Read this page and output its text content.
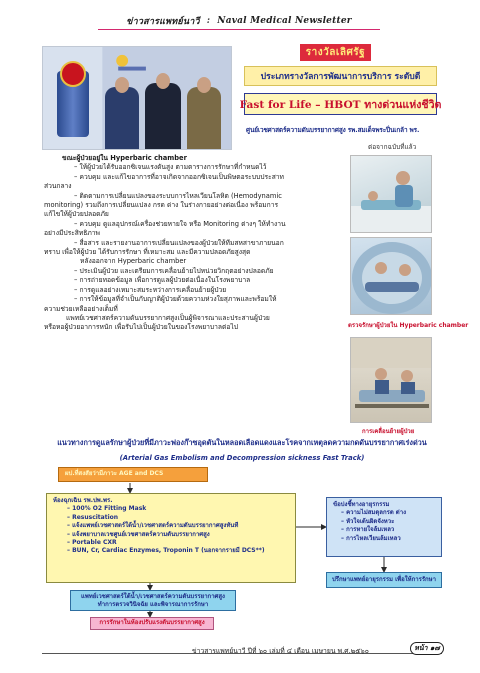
ข่าวสารแพทย์นาวี : Naval Medical Newsletter
รางวัลเลิศรัฐ
ประเภทรางวัลการพัฒนาการบริการ ระดับดี
Fast for Life – HBOT ทางด่วนแห่งชีวิต
ศูนย์เวชศาสตร์ความดันบรรยากาศสูง รพ.สมเด็จพระปิ่นเกล้า พร.
ต่อจากฉบับที่แล้ว
ตรวจรักษาผู้ป่วยใน Hyperbaric chamber
การเคลื่อนย้ายผู้ป่วย

ขณะผู้ป่วยอยู่ใน Hyperbaric chamber

– ให้ผู้ป่วยได้รับออกซิเจนแรงดันสูง ตามตารางการรักษาที่กำหนดไว้

– ควบคุม และแก้ไขอาการที่อาจเกิดจากออกซิเจนเป็นพิษตอระบบประสาท

ส่วนกลาง

– ติดตามการเปลี่ยนแปลงของระบบการไหลเวียนโลหิต (Hemodynamic

monitoring) รวมถึงการเปลี่ยนแปลง กรด ด่าง ในร่างกายอย่างต่อเนื่อง พร้อมการ

แก้ไขให้ผู้ป่วยปลอดภัย

– ควบคุม ดูแลอุปกรณ์เครื่องช่วยหายใจ หรือ Monitoring ต่างๆ ให้ทำงาน

อย่างมีประสิทธิภาพ

– สื่อสาร และรายงานอาการเปลี่ยนแปลงของผู้ป่วยให้ทีมสหสาขาภายนอก

ทราบ เพื่อให้ผู้ป่วย ได้รับการรักษา ที่เหมาะสม และมีความปลอดภัยสูงสุด

หลังออกจาก Hyperbaric chamber

– ประเมินผู้ป่วย และเตรียมการเคลื่อนย้ายไปหน่วยวิกฤตอย่างปลอดภัย

– การถ่ายทอดข้อมูล เพื่อการดูแลผู้ป่วยต่อเนื่องในโรงพยาบาล

– การดูแลอย่างเหมาะสมระหว่างการเคลื่อนย้ายผู้ป่วย

– การให้ข้อมูลที่จำเป็นกับญาติผู้ป่วยด้วยความห่วงใยสุภาพและพร้อมให้

ความช่วยเหลืออย่างเต็มที่

แพทย์เวชศาสตร์ความดันบรรยากาศสูงเป็นผู้พิจารณาและประสานผู้ป่วย

หรือหอผู้ป่วยอาการหนัก เพื่อรับไปเป็นผู้ป่วยในของโรงพยาบาลต่อไป

แนวทางการดูแลรักษาผู้ป่วยที่มีภาวะฟองก๊าซอุดตันในหลอดเลือดแดงและโรคจากเหตุลดความกดดันบรรยากาศเร่งด่วน
(Arterial Gas Embolism and Decompression sickness Fast Track)
ผป.ที่สงสัยว่ามีภาวะ AGE and DCS

ห้องฉุกเฉิน รพ.ปพ.พร.

– 100% O2 Fitting Mask

– Resuscitation

– แจ้งแพทย์เวชศาสตร์ใต้น้ำ/เวชศาสตร์ความดันบรรยากาศสูงทันที

– แจ้งพยาบาลเวชศูนย์เวชศาสตร์ความดันบรรยากาศสูง

– Portable CXR

– BUN, Cr, Cardiac Enzymes, Troponin T (นอกจากรายมี DCS**)

ข้อบ่งชี้ทางอายุรกรรม

– ความไม่สมดุลกรด ด่าง

– หัวใจเต้นผิดจังหวะ

– การหายใจล้มเหลว

– การไหลเวียนล้มเหลว

ปรึกษาแพทย์อายุรกรรม เพื่อให้การรักษา

แพทย์เวชศาสตร์ใต้น้ำ/เวชศาสตร์ความดันบรรยากาศสูง

ทำการตรวจวินิจฉัย และพิจารณาการรักษา

การรักษาในห้องปรับแรงดันบรรยากาศสูง
ข่าวสารแพทย์นาวี ปีที่ ๖๐ เล่มที่ ๔ เดือน เมษายน พ.ศ.๒๕๖๐	หน้า ๑๗
